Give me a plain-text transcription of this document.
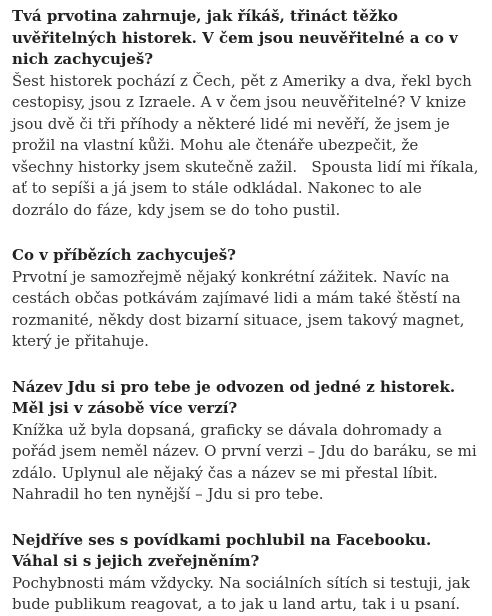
Tvá prvotina zahrnuje, jak říkáš, třináct těžko uvěřitelných historek. V čem jsou neuvěřitelné a co v nich zachycuješ?

Šest historek pochází z Čech, pět z Ameriky a dva, řekl bych cestopisy, jsou z Izraele. A v čem jsou neuvěřitelné? V knize jsou dvě či tři příhody a některé lidé mi nevěří, že jsem je prožil na vlastní kůži. Mohu ale čtenáře ubezpečit, že všechny historky jsem skutečně zažil.   Spousta lidí mi říkala, ať to sepíši a já jsem to stále odkládal. Nakonec to ale dozrálo do fáze, kdy jsem se do toho pustil.

Co v příbězích zachycuješ?

Prvotní je samozřejmě nějaký konkrétní zážitek. Navíc na cestách občas potkávám zajímavé lidi a mám také štěstí na rozmanité, někdy dost bizarní situace, jsem takový magnet, který je přitahuje.

Název Jdu si pro tebe je odvozen od jedné z historek. Měl jsi v zásobě více verzí?

Knížka už byla dopsaná, graficky se dávala dohromady a pořád jsem neměl název. O první verzi – Jdu do baráku, se mi zdálo. Uplynul ale nějaký čas a název se mi přestal líbit. Nahradil ho ten nynější – Jdu si pro tebe.

Nejdříve ses s povídkami pochlubil na Facebooku. Váhal si s jejich zveřejněním?

Pochybnosti mám vždycky. Na sociálních sítích si testuji, jak bude publikum reagovat, a to jak u land artu, tak i u psaní.
